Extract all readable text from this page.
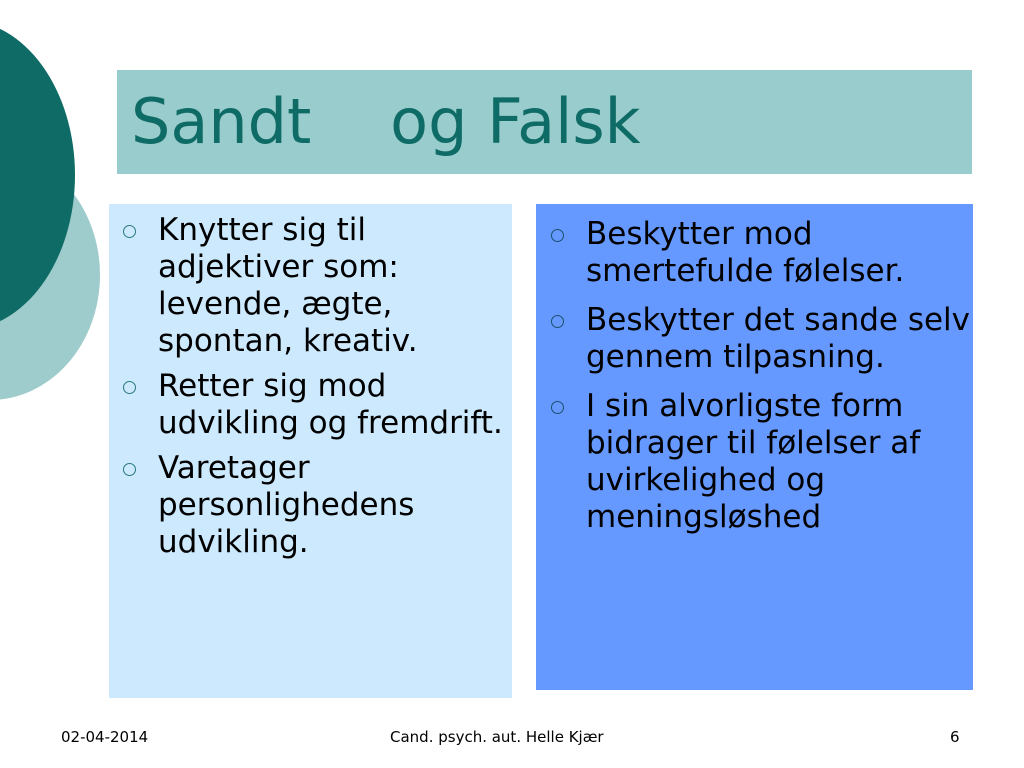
Sandt    og Falsk
Knytter sig til adjektiver som: levende, ægte, spontan, kreativ.
Retter sig mod udvikling og fremdrift.
Varetager personlighedens udvikling.
Beskytter mod smertefulde følelser.
Beskytter det sande selv gennem tilpasning.
I sin alvorligste form bidrager til følelser af uvirkelighed og meningsløshed
02-04-2014	Cand. psych. aut. Helle Kjær	6
